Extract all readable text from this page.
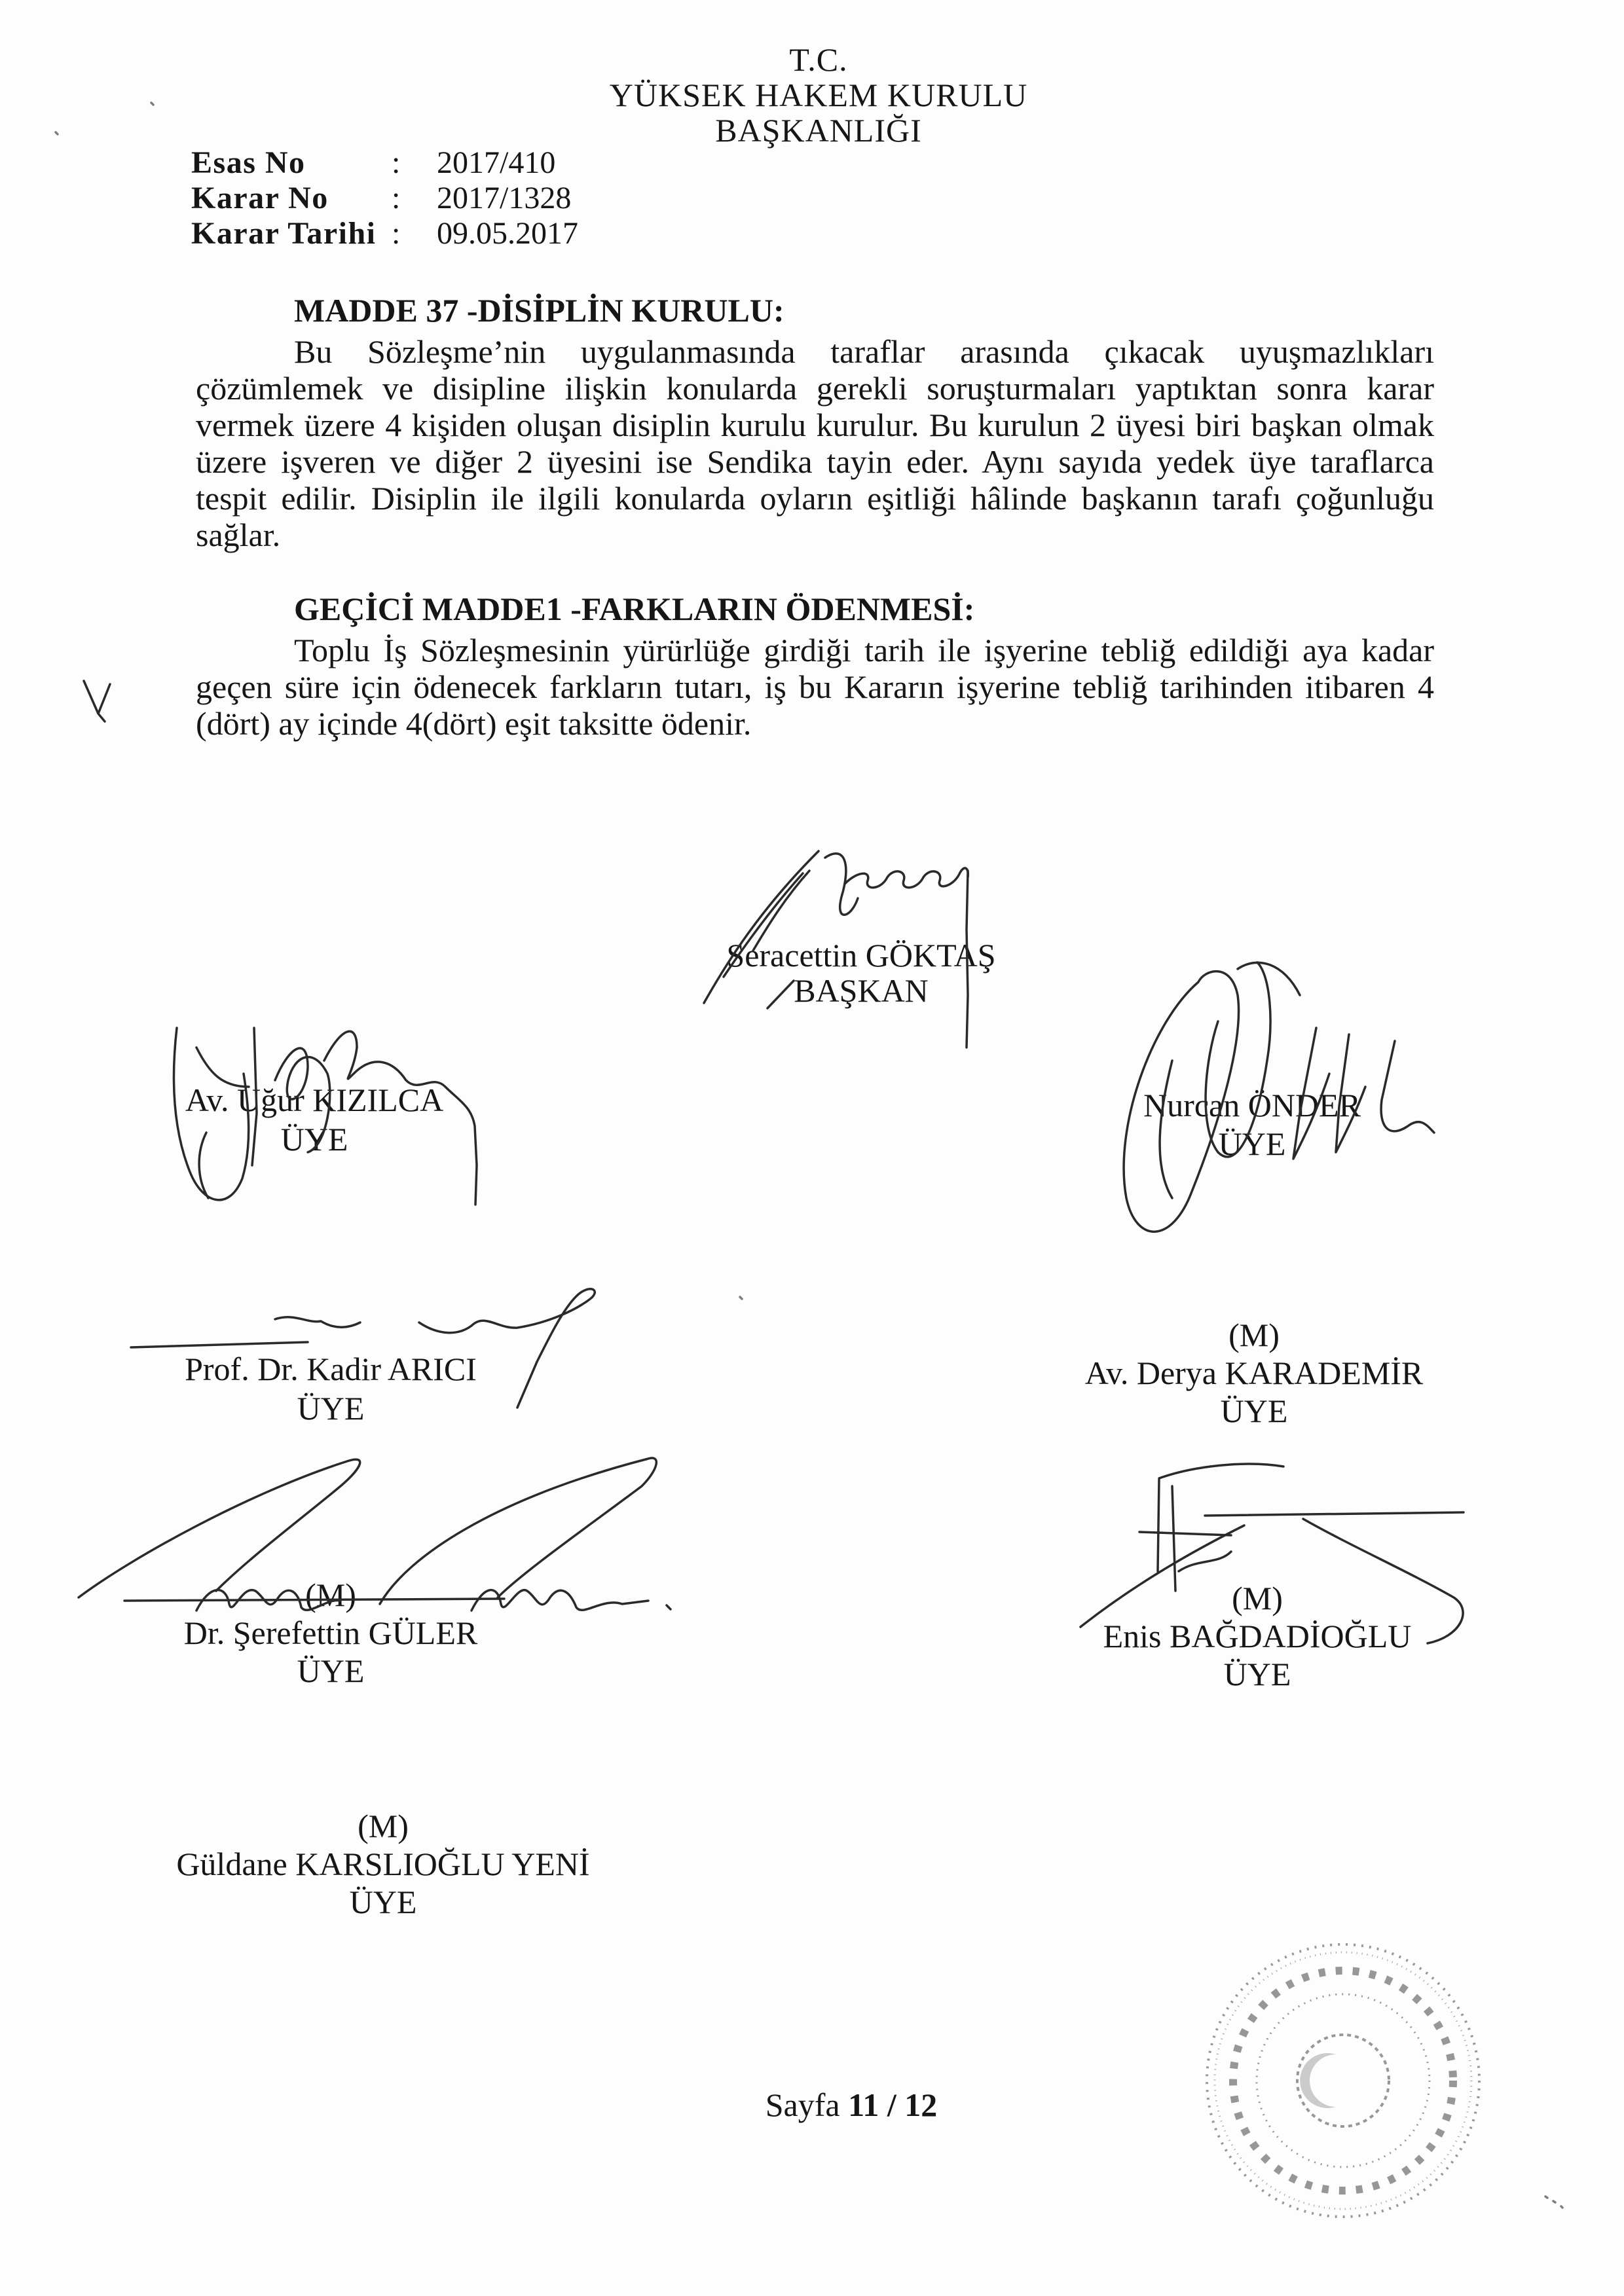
T.C.
YÜKSEK HAKEM KURULU
BAŞKANLIĞI
Esas No	: 2017/410
Karar No : 2017/1328
Karar Tarihi : 09.05.2017
MADDE 37 -DİSİPLİN KURULU:
Bu Sözleşme’nin uygulanmasında taraflar arasında çıkacak uyuşmazlıkları
çözümlemek ve disipline ilişkin konularda gerekli soruşturmaları yaptıktan sonra karar
vermek üzere 4 kişiden oluşan disiplin kurulu kurulur. Bu kurulun 2 üyesi biri başkan olmak
üzere işveren ve diğer 2 üyesini ise Sendika tayin eder. Aynı sayıda yedek üye taraflarca
tespit edilir. Disiplin ile ilgili konularda oyların eşitliği hâlinde başkanın tarafı çoğunluğu
sağlar.
GEÇİCİ MADDE1 -FARKLARIN ÖDENMESİ:
Toplu İş Sözleşmesinin yürürlüğe girdiği tarih ile işyerine tebliğ edildiği aya kadar
geçen süre için ödenecek farkların tutarı, iş bu Kararın işyerine tebliğ tarihinden itibaren 4
(dört) ay içinde 4(dört) eşit taksitte ödenir.
Seracettin GÖKTAŞ
BAŞKAN
Av. Uğur KIZILCA
ÜYE
Nurcan ÖNDER
ÜYE
Prof. Dr. Kadir ARICI
ÜYE
(M)
Av. Derya KARADEMİR
ÜYE
(M)
Dr. Şerefettin GÜLER
ÜYE
(M)
Enis BAĞDADİOĞLU
ÜYE
(M)
Güldane KARSLIOĞLU YENİ
ÜYE
Sayfa 11 / 12
